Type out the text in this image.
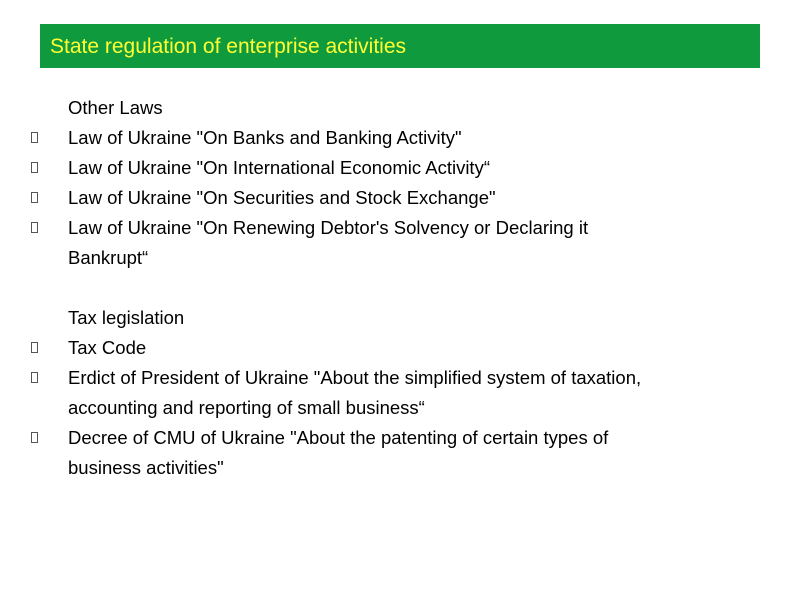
State regulation of enterprise activities
Other Laws
Law of Ukraine "On Banks and Banking Activity"
Law of Ukraine "On International Economic Activity“
Law of Ukraine "On Securities and Stock Exchange"
Law of Ukraine "On Renewing Debtor's Solvency or Declaring it
Bankrupt“
Tax legislation
Tax Code
Erdict of President of Ukraine "About the simplified system of taxation,
accounting and reporting of small business“
Decree of CMU of Ukraine "About the patenting of certain types of
business activities"
